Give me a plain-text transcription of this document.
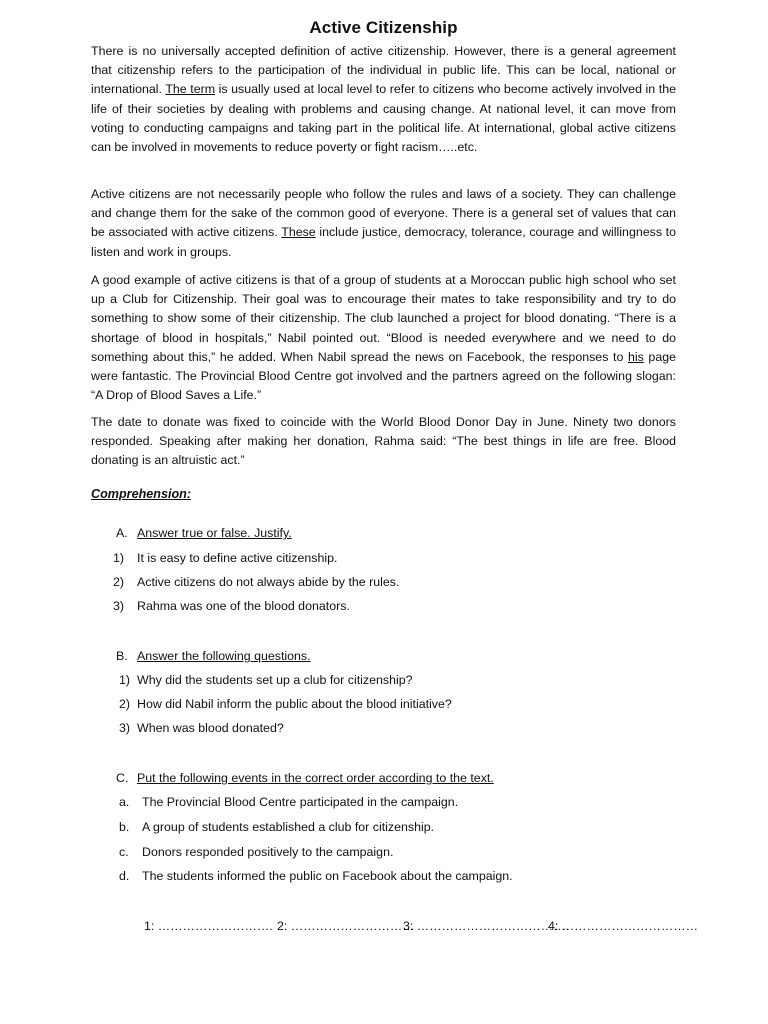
Active Citizenship

There is no universally accepted definition of active citizenship. However, there is a general agreement that citizenship refers to the participation of the individual in public life. This can be local, national or international. The term is usually used at local level to refer to citizens who become actively involved in the life of their societies by dealing with problems and causing change. At national level, it can move from voting to conducting campaigns and taking part in the political life. At international, global active citizens can be involved in movements to reduce poverty or fight racism…..etc.

Active citizens are not necessarily people who follow the rules and laws of a society. They can challenge and change them for the sake of the common good of everyone. There is a general set of values that can be associated with active citizens. These include justice, democracy, tolerance, courage and willingness to listen and work in groups.

A good example of active citizens is that of a group of students at a Moroccan public high school who set up a Club for Citizenship. Their goal was to encourage their mates to take responsibility and try to do something to show some of their citizenship. The club launched a project for blood donating. “There is a shortage of blood in hospitals,” Nabil pointed out. “Blood is needed everywhere and we need to do something about this,” he added. When Nabil spread the news on Facebook, the responses to his page were fantastic. The Provincial Blood Centre got involved and the partners agreed on the following slogan: “A Drop of Blood Saves a Life.”

The date to donate was fixed to coincide with the World Blood Donor Day in June. Ninety two donors responded. Speaking after making her donation, Rahma said: “The best things in life are free. Blood donating is an altruistic act.”

Comprehension:
A. Answer true or false. Justify.
1) It is easy to define active citizenship.
2) Active citizens do not always abide by the rules.
3) Rahma was one of the blood donators.
B. Answer the following questions.
1) Why did the students set up a club for citizenship?
2) How did Nabil inform the public about the blood initiative?
3) When was blood donated?
C. Put the following events in the correct order according to the text.
a. The Provincial Blood Centre participated in the campaign.
b. A group of students established a club for citizenship.
c. Donors responded positively to the campaign.
d. The students informed the public on Facebook about the campaign.
1: ………………………. 2: …………………………3: ……………………………….4: ……………………………
